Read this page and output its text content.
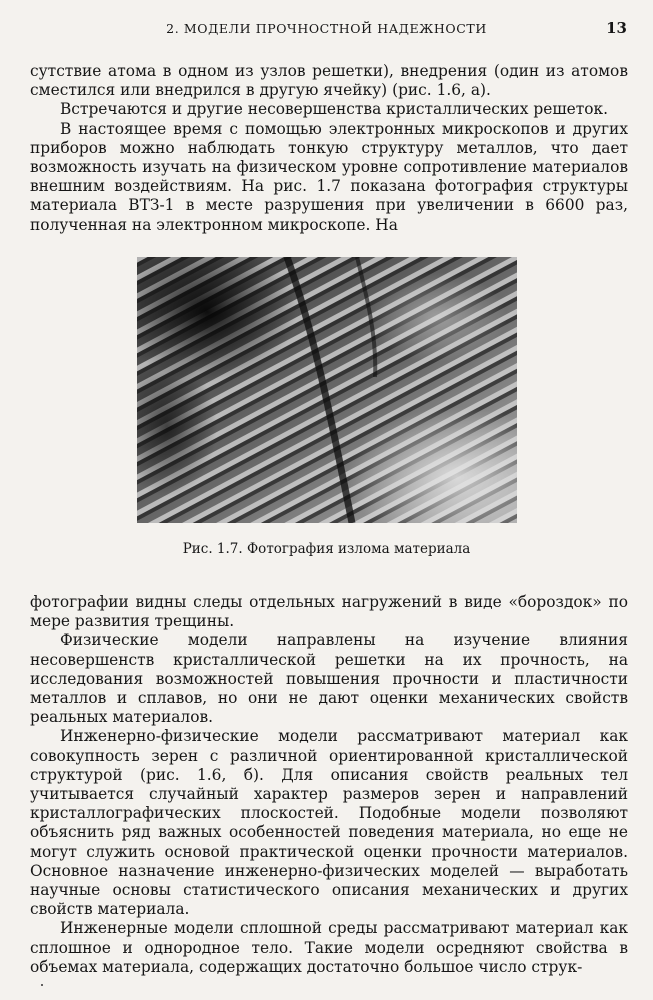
2. МОДЕЛИ ПРОЧНОСТНОЙ НАДЕЖНОСТИ	13

сутствие атома в одном из узлов решетки), внедрения (один из атомов сместился или внедрился в другую ячейку) (рис. 1.6, а).

Встречаются и другие несовершенства кристаллических решеток.

В настоящее время с помощью электронных микроскопов и других приборов можно наблюдать тонкую структуру металлов, что дает возможность изучать на физическом уровне сопротивление материалов внешним воздействиям. На рис. 1.7 показана фотография структуры материала ВТЗ-1 в месте разрушения при увеличении в 6600 раз, полученная на электронном микроскопе. На

Рис. 1.7. Фотография излома материала

фотографии видны следы отдельных нагружений в виде «бороздок» по мере развития трещины.

Физические модели направлены на изучение влияния несовершенств кристаллической решетки на их прочность, на исследования возможностей повышения прочности и пластичности металлов и сплавов, но они не дают оценки механических свойств реальных материалов.

Инженерно-физические модели рассматривают материал как совокупность зерен с различной ориентированной кристаллической структурой (рис. 1.6, б). Для описания свойств реальных тел учитывается случайный характер размеров зерен и направлений кристаллографических плоскостей. Подобные модели позволяют объяснить ряд важных особенностей поведения материала, но еще не могут служить основой практической оценки прочности материалов. Основное назначение инженерно-физических моделей — выработать научные основы статистического описания механических и других свойств материала.

Инженерные модели сплошной среды рассматривают материал как сплошное и однородное тело. Такие модели осредняют свойства в объемах материала, содержащих достаточно большое число струк-
